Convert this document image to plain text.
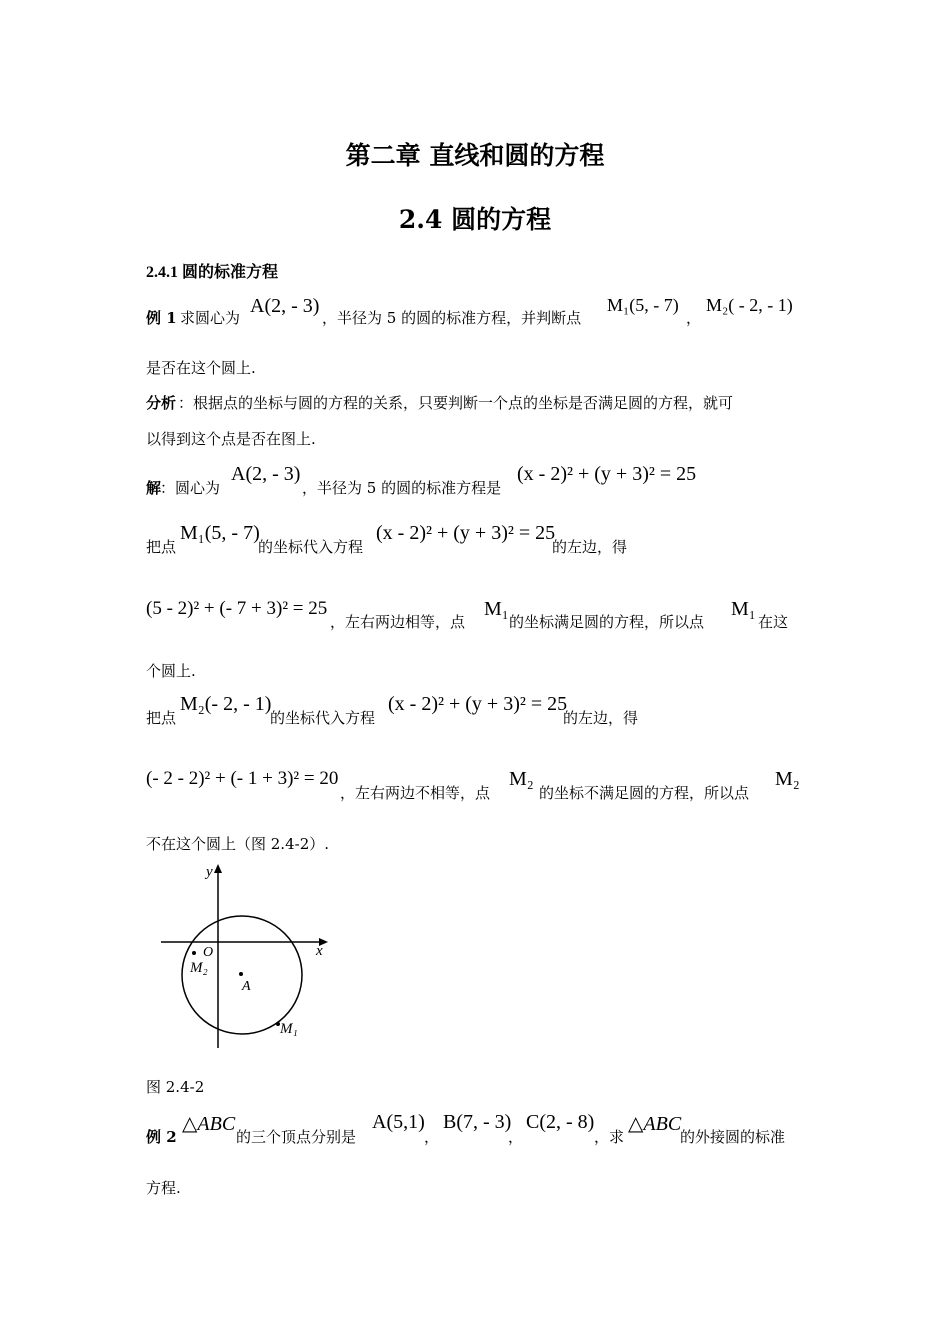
第二章 直线和圆的方程
2.4 圆的方程
2.4.1 圆的标准方程
例 1 求圆心为
A(2, - 3)
，半径为 5 的圆的标准方程，并判断点
M₁(5, - 7)
，
M₂( - 2, - 1)
是否在这个圆上.
分析 ：根据点的坐标与圆的方程的关系，只要判断一个点的坐标是否满足圆的方程，就可
以得到这个点是否在图上.
解
：圆心为
A(2, - 3)
，半径为 5 的圆的标准方程是
(x - 2)² + (y + 3)² = 25
把点
M₁(5, - 7)
的坐标代入方程
(x - 2)² + (y + 3)² = 25
的左边，得
(5 - 2)² + (- 7 + 3)² = 25
，左右两边相等，点
M₁
的坐标满足圆的方程，所以点
M₁
在这
个圆上.
把点
M₂(- 2, - 1)
的坐标代入方程
(x - 2)² + (y + 3)² = 25
的左边，得
(- 2 - 2)² + (- 1 + 3)² = 20
，左右两边不相等，点
M₂
的坐标不满足圆的方程，所以点
M₂
不在这个圆上（图 2.4-2）.
y
x
O
M₂
A
M₁
图 2.4-2
例 2
△ABC
的三个顶点分别是
A(5,1)
，
B(7, - 3)
，
C(2, - 8)
，求
△ABC
的外接圆的标准
方程.
